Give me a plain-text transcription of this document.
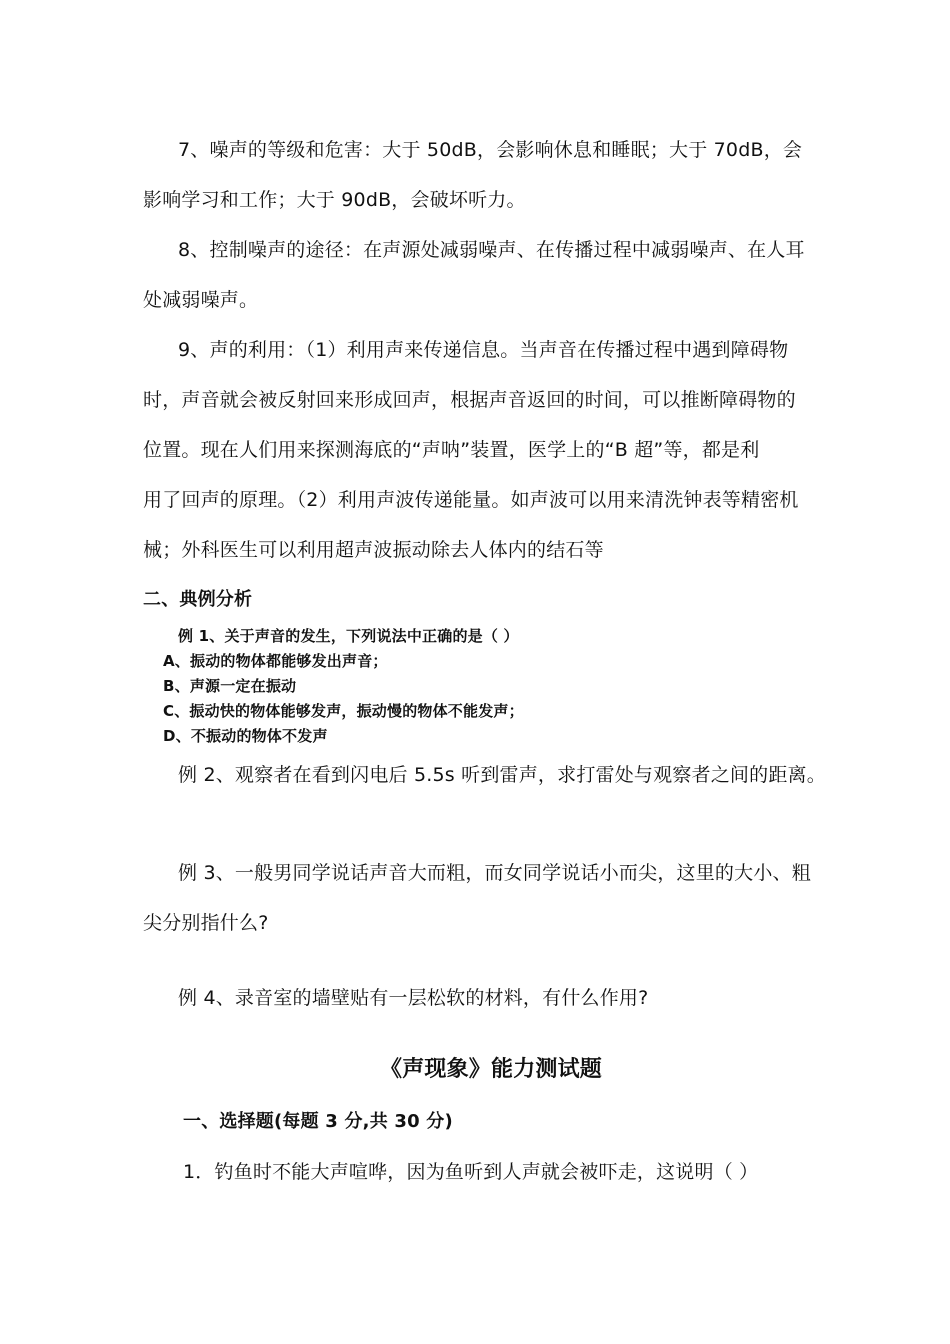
7、噪声的等级和危害：大于 50dB，会影响休息和睡眠；大于 70dB，会
影响学习和工作；大于 90dB，会破坏听力。
8、控制噪声的途径：在声源处减弱噪声、在传播过程中减弱噪声、在人耳
处减弱噪声。
9、声的利用：（1）利用声来传递信息。当声音在传播过程中遇到障碍物
时，声音就会被反射回来形成回声，根据声音返回的时间，可以推断障碍物的
位置。现在人们用来探测海底的“声呐”装置，医学上的“B 超”等，都是利
用了回声的原理。（2）利用声波传递能量。如声波可以用来清洗钟表等精密机
械；外科医生可以利用超声波振动除去人体内的结石等
二、典例分析
例 1、关于声音的发生，下列说法中正确的是（ ）
A、振动的物体都能够发出声音；
B、声源一定在振动
C、振动快的物体能够发声，振动慢的物体不能发声；
D、不振动的物体不发声
例 2、观察者在看到闪电后 5.5s 听到雷声，求打雷处与观察者之间的距离。
例 3、一般男同学说话声音大而粗，而女同学说话小而尖，这里的大小、粗
尖分别指什么?
例 4、录音室的墙壁贴有一层松软的材料，有什么作用?
《声现象》能力测试题
一、选择题(每题 3 分,共 30 分)
1．钓鱼时不能大声喧哗，因为鱼听到人声就会被吓走，这说明（ ）
